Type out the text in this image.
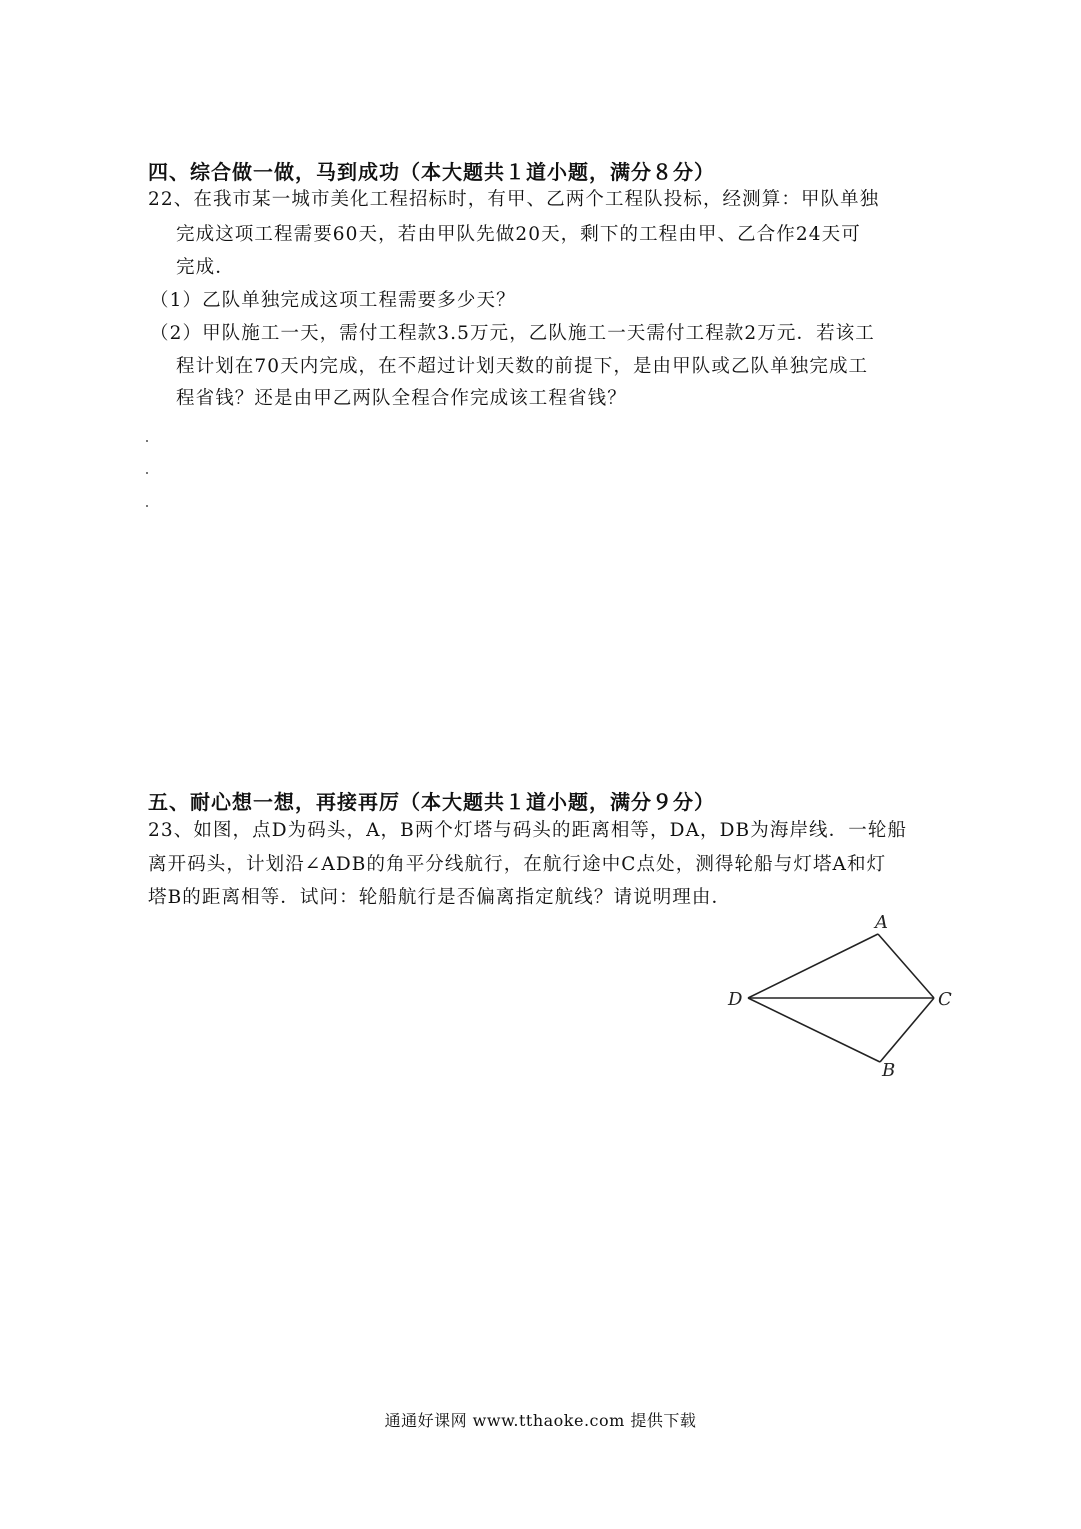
四、综合做一做，马到成功（本大题共１道小题，满分８分）
22、在我市某一城市美化工程招标时，有甲、乙两个工程队投标，经测算：甲队单独
完成这项工程需要60天，若由甲队先做20天，剩下的工程由甲、乙合作24天可
完成．
（1）乙队单独完成这项工程需要多少天？
（2）甲队施工一天，需付工程款3.5万元，乙队施工一天需付工程款2万元．若该工
程计划在70天内完成，在不超过计划天数的前提下，是由甲队或乙队单独完成工
程省钱？还是由甲乙两队全程合作完成该工程省钱？
五、耐心想一想，再接再厉（本大题共１道小题，满分９分）
23、如图，点D为码头，A，B两个灯塔与码头的距离相等，DA，DB为海岸线．一轮船
离开码头，计划沿∠ADB的角平分线航行，在航行途中C点处，测得轮船与灯塔A和灯
塔B的距离相等．试问：轮船航行是否偏离指定航线？请说明理由．
A
D	C
B
通通好课网 www.tthaoke.com 提供下载
